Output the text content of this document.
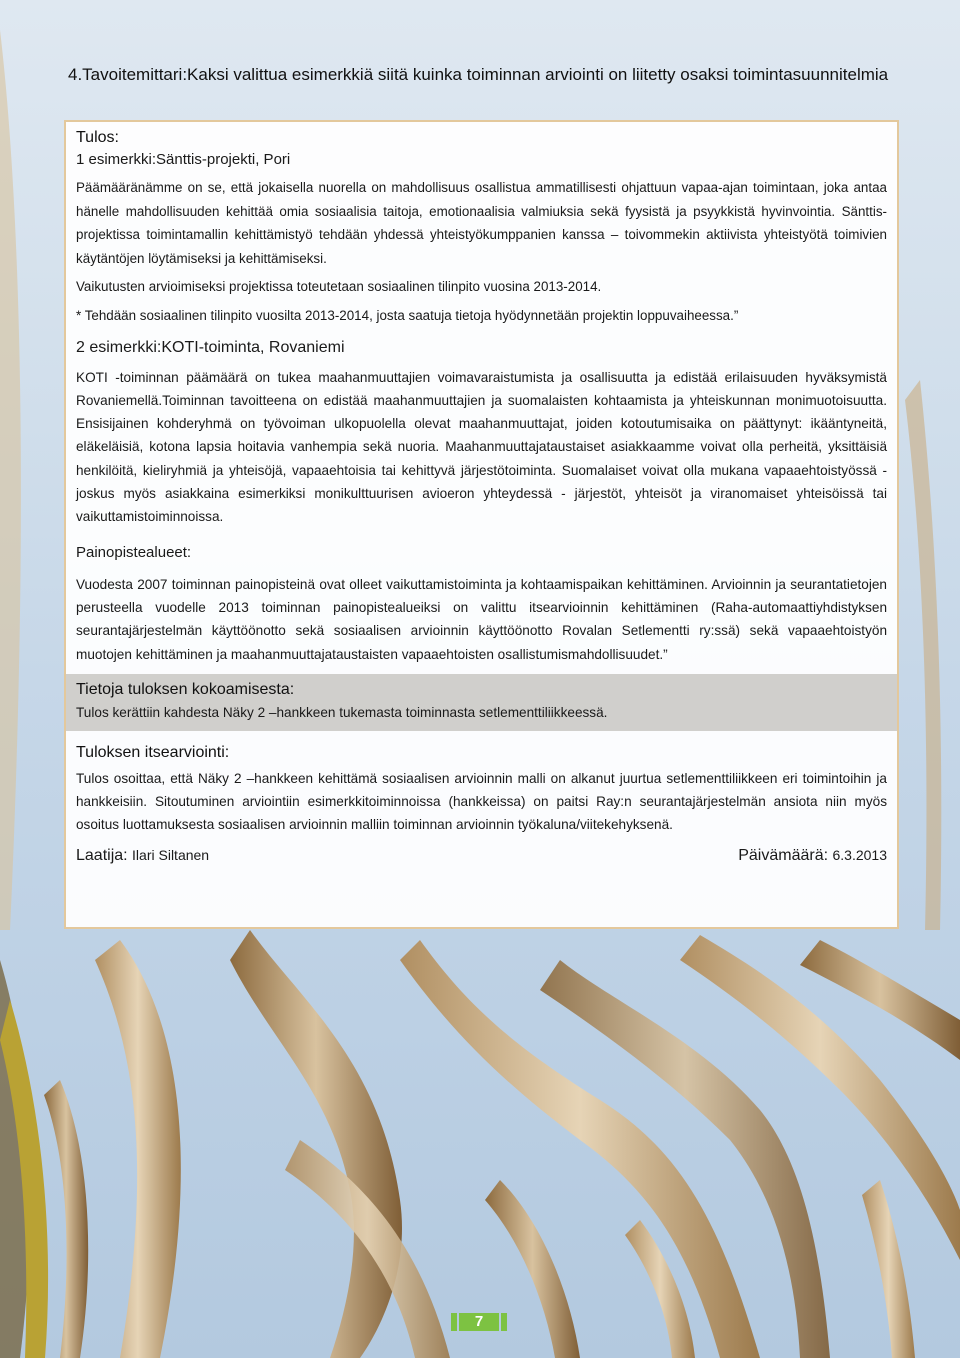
4.Tavoitemittari:Kaksi valittua esimerkkiä siitä kuinka toiminnan arviointi on liitetty osaksi toimintasuunnitelmia
Tulos:
1 esimerkki:Sänttis-projekti, Pori

Päämääränämme on se, että jokaisella nuorella on mahdollisuus osallistua ammatillisesti ohjattuun vapaa-ajan toimintaan, joka antaa hänelle mahdollisuuden kehittää omia sosiaalisia taitoja, emotionaalisia valmiuksia sekä fyysistä ja psyykkistä hyvinvointia. Sänttis-projektissa toimintamallin kehittämistyö tehdään yhdessä yhteistyökumppanien kanssa – toivommekin aktiivista yhteistyötä toimivien käytäntöjen löytämiseksi ja kehittämiseksi.

Vaikutusten arvioimiseksi projektissa toteutetaan sosiaalinen tilinpito vuosina 2013-2014.

* Tehdään sosiaalinen tilinpito vuosilta 2013-2014, josta saatuja tietoja hyödynnetään projektin loppuvaiheessa.”

2 esimerkki:KOTI-toiminta, Rovaniemi

KOTI -toiminnan päämäärä on tukea maahanmuuttajien voimavaraistumista ja osallisuutta ja edistää erilaisuuden hyväksymistä Rovaniemellä.Toiminnan tavoitteena on edistää maahanmuuttajien ja suomalaisten kohtaamista ja yhteiskunnan monimuotoisuutta. Ensisijainen kohderyhmä on työvoiman ulkopuolella olevat maahanmuuttajat, joiden kotoutumisaika on päättynyt: ikääntyneitä, eläkeläisiä, kotona lapsia hoitavia vanhempia sekä nuoria. Maahanmuuttajataustaiset asiakkaamme voivat olla perheitä, yksittäisiä henkilöitä, kieliryhmiä ja yhteisöjä, vapaaehtoisia tai kehittyvä järjestötoiminta. Suomalaiset voivat olla mukana vapaaehtoistyössä - joskus myös asiakkaina esimerkiksi monikulttuurisen avioeron yhteydessä - järjestöt, yhteisöt ja viranomaiset yhteisöissä tai vaikuttamistoiminnoissa.

Painopistealueet:

Vuodesta 2007 toiminnan painopisteinä ovat olleet vaikuttamistoiminta ja kohtaamispaikan kehittäminen. Arvioinnin ja seurantatietojen perusteella vuodelle 2013 toiminnan painopistealueiksi on valittu itsearvioinnin kehittäminen (Raha-automaattiyhdistyksen seurantajärjestelmän käyttöönotto sekä sosiaalisen arvioinnin käyttöönotto Rovalan Setlementti ry:ssä) sekä vapaaehtoistyön muotojen kehittäminen ja maahanmuuttajataustaisten vapaaehtoisten osallistumismahdollisuudet.”

Tietoja tuloksen kokoamisesta:
Tulos kerättiin kahdesta Näky 2 –hankkeen tukemasta toiminnasta setlementtiliikkeessä.
Tuloksen itsearviointi:

Tulos osoittaa, että Näky 2 –hankkeen kehittämä sosiaalisen arvioinnin malli on alkanut juurtua setlementtiliikkeen eri toimintoihin ja hankkeisiin. Sitoutuminen arviointiin esimerkkitoiminnoissa (hankkeissa) on paitsi Ray:n seurantajärjestelmän ansiota niin myös osoitus luottamuksesta sosiaalisen arvioinnin malliin toiminnan arvioinnin työkaluna/viitekehyksenä.

Laatija: Ilari Siltanen	Päivämäärä: 6.3.2013
7
